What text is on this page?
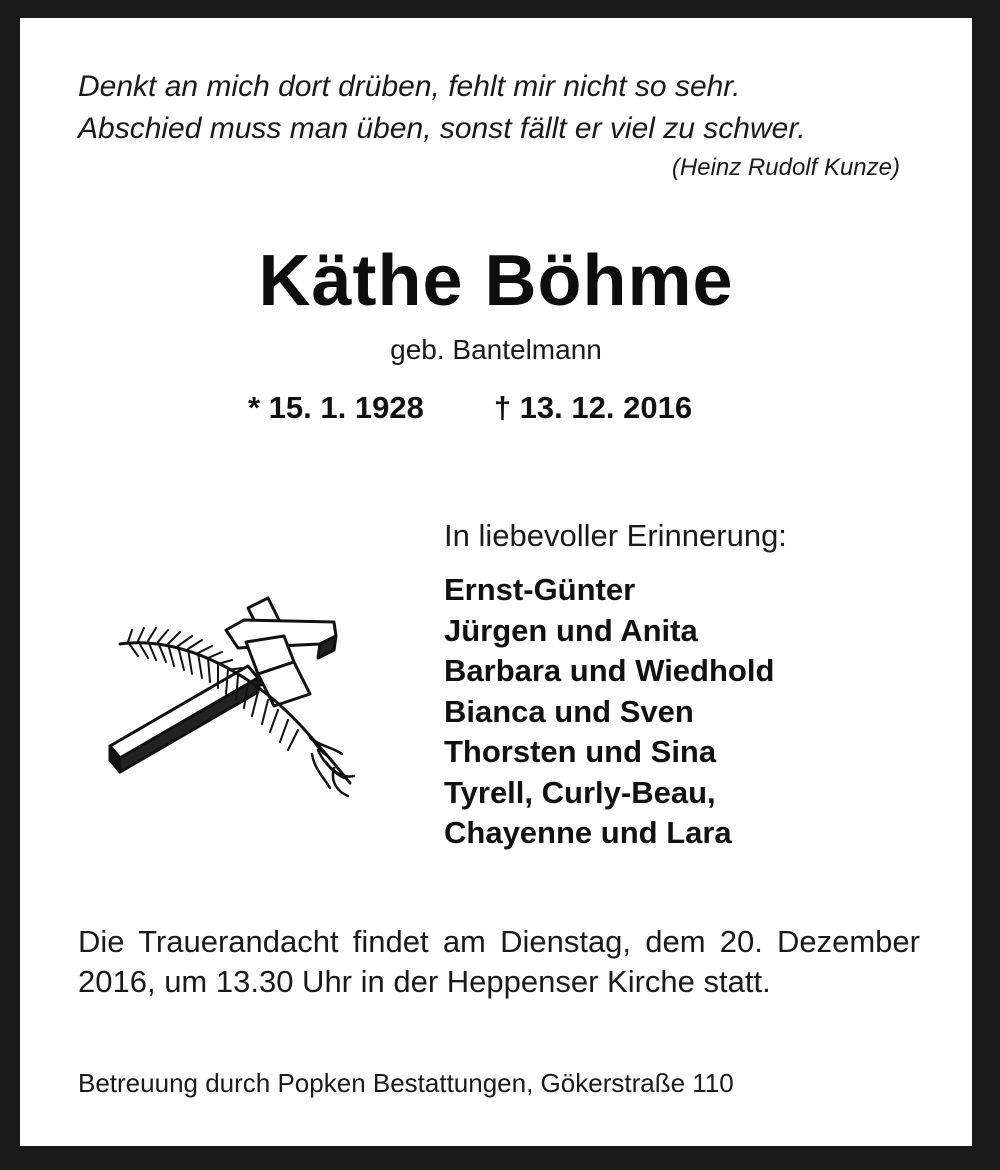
Denkt an mich dort drüben, fehlt mir nicht so sehr.
Abschied muss man üben, sonst fällt er viel zu schwer.
(Heinz Rudolf Kunze)
Käthe Böhme
geb. Bantelmann
* 15. 1. 1928 † 13. 12. 2016
In liebevoller Erinnerung:
Ernst-Günter
Jürgen und Anita
Barbara und Wiedhold
Bianca und Sven
Thorsten und Sina
Tyrell, Curly-Beau,
Chayenne und Lara
Die Trauerandacht findet am Dienstag, dem 20. Dezember 2016, um 13.30 Uhr in der Heppenser Kirche statt.
Betreuung durch Popken Bestattungen, Gökerstraße 110
